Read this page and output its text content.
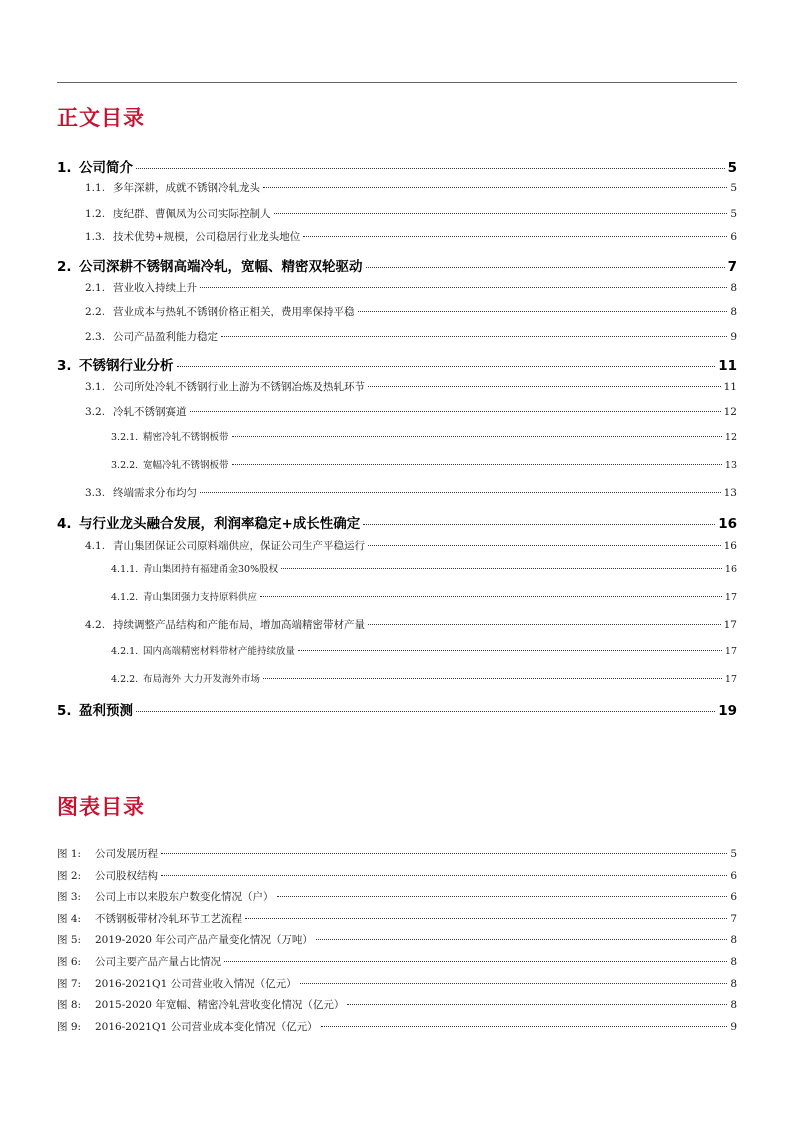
正文目录
1. 公司简介	5
1.1. 多年深耕，成就不锈钢冷轧龙头	5
1.2. 庋纪群、曹佩凤为公司实际控制人	5
1.3. 技术优势+规模，公司稳居行业龙头地位	6
2. 公司深耕不锈钢高端冷轧，宽幅、精密双轮驱动	7
2.1. 营业收入持续上升	8
2.2. 营业成本与热轧不锈钢价格正相关，费用率保持平稳	8
2.3. 公司产品盈利能力稳定	9
3. 不锈钢行业分析	11
3.1. 公司所处冷轧不锈钢行业上游为不锈钢冶炼及热轧环节	11
3.2. 冷轧不锈钢赛道	12
3.2.1. 精密冷轧不锈钢板带	12
3.2.2. 宽幅冷轧不锈钢板带	13
3.3. 终端需求分布均匀	13
4. 与行业龙头融合发展，利润率稳定+成长性确定	16
4.1. 青山集团保证公司原料端供应，保证公司生产平稳运行	16
4.1.1. 青山集团持有福建甬金30%股权	16
4.1.2. 青山集团强力支持原料供应	17
4.2. 持续调整产品结构和产能布局，增加高端精密带材产量	17
4.2.1. 国内高端精密材料带材产能持续放量	17
4.2.2. 布局海外 大力开发海外市场	17
5. 盈利预测	19
图表目录
图 1: 公司发展历程	5
图 2: 公司股权结构	6
图 3: 公司上市以来股东户数变化情况（户）	6
图 4: 不锈钢板带材冷轧环节工艺流程	7
图 5: 2019-2020 年公司产品产量变化情况（万吨）	8
图 6: 公司主要产品产量占比情况	8
图 7: 2016-2021Q1 公司营业收入情况（亿元）	8
图 8: 2015-2020 年宽幅、精密冷轧营收变化情况（亿元）	8
图 9: 2016-2021Q1 公司营业成本变化情况（亿元）	9
